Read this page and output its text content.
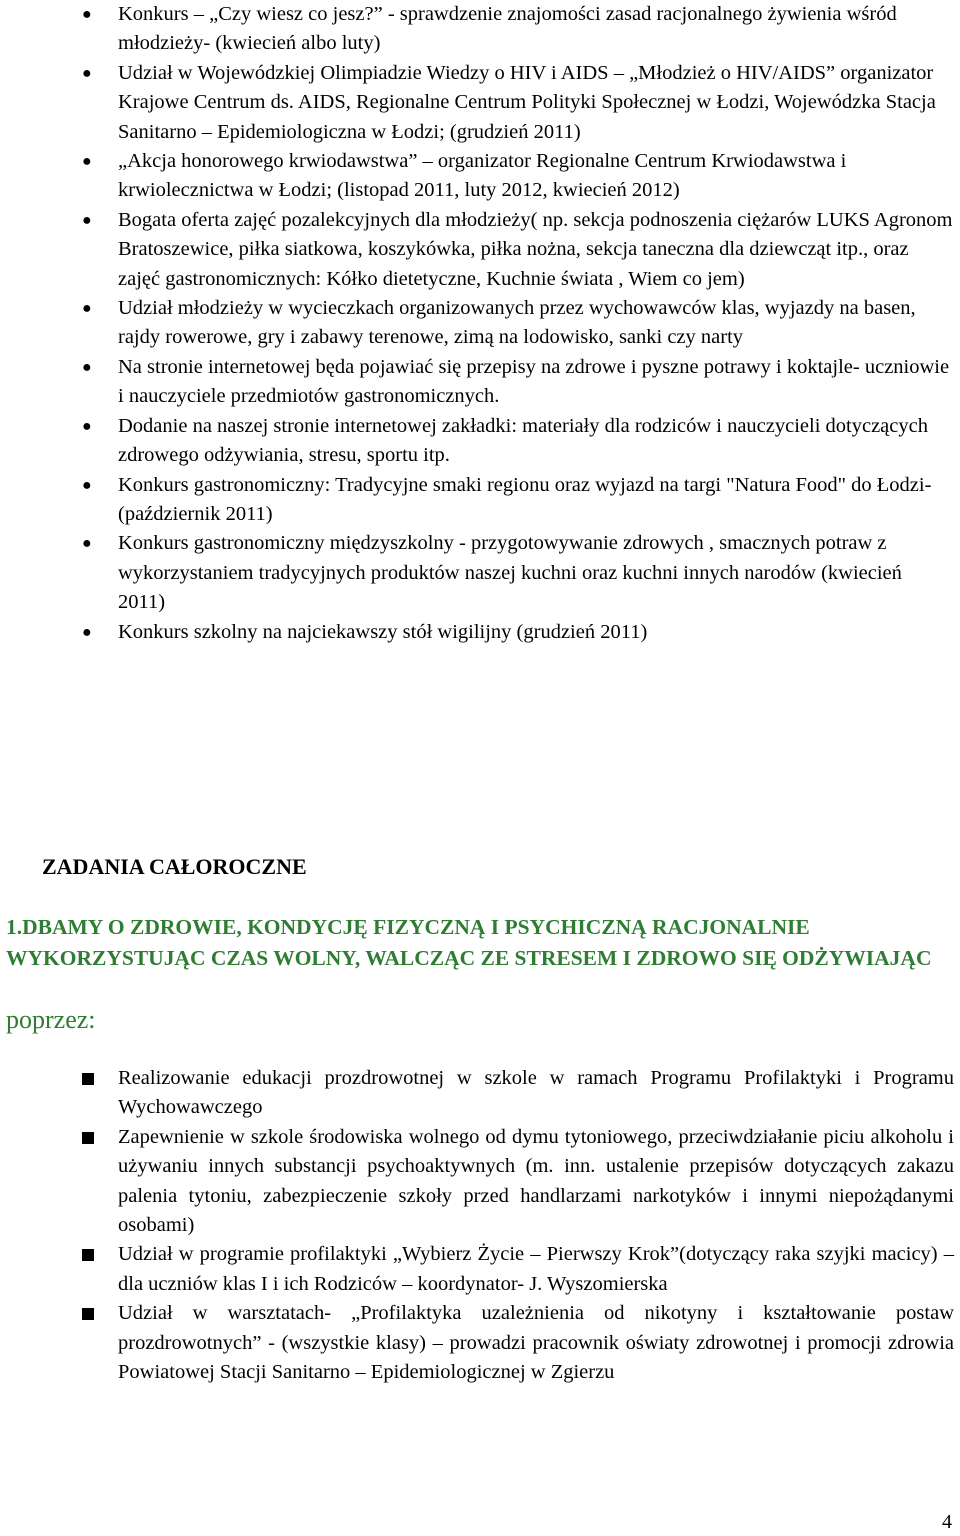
● Konkurs – „Czy wiesz co jesz?” - sprawdzenie znajomości zasad racjonalnego żywienia wśród młodzieży- (kwiecień albo luty)
● Udział w Wojewódzkiej Olimpiadzie Wiedzy o HIV i AIDS – „Młodzież o HIV/AIDS” organizator Krajowe Centrum ds. AIDS, Regionalne Centrum Polityki Społecznej w Łodzi, Wojewódzka Stacja Sanitarno – Epidemiologiczna w Łodzi; (grudzień 2011)
● „Akcja honorowego krwiodawstwa” – organizator Regionalne Centrum Krwiodawstwa i krwiolecznictwa w Łodzi; (listopad 2011, luty 2012, kwiecień 2012)
● Bogata oferta zajęć pozalekcyjnych dla młodzieży( np. sekcja podnoszenia ciężarów LUKS Agronom Bratoszewice, piłka siatkowa, koszykówka, piłka nożna, sekcja taneczna dla dziewcząt itp., oraz zajęć gastronomicznych: Kółko dietetyczne, Kuchnie świata , Wiem co jem)
● Udział młodzieży w wycieczkach organizowanych przez wychowawców klas, wyjazdy na basen, rajdy rowerowe, gry i zabawy terenowe, zimą na lodowisko, sanki czy narty
● Na stronie internetowej będa pojawiać się przepisy na zdrowe i pyszne potrawy i koktajle- uczniowie i nauczyciele przedmiotów gastronomicznych.
● Dodanie na naszej stronie internetowej zakładki: materiały dla rodziców i nauczycieli dotyczących zdrowego odżywiania, stresu, sportu itp.
● Konkurs gastronomiczny: Tradycyjne smaki regionu oraz wyjazd na targi "Natura Food" do Łodzi- (październik 2011)
● Konkurs gastronomiczny międzyszkolny - przygotowywanie zdrowych , smacznych potraw z wykorzystaniem tradycyjnych produktów naszej kuchni oraz kuchni innych narodów (kwiecień 2011)
● Konkurs szkolny na najciekawszy stół wigilijny (grudzień 2011)
ZADANIA CAŁOROCZNE
1.DBAMY O ZDROWIE, KONDYCJĘ FIZYCZNĄ I PSYCHICZNĄ RACJONALNIE WYKORZYSTUJĄC CZAS WOLNY, WALCZĄC ZE STRESEM I ZDROWO SIĘ ODŻYWIAJĄC

poprzez:

Realizowanie edukacji prozdrowotnej w szkole w ramach Programu Profilaktyki i Programu Wychowawczego
Zapewnienie w szkole środowiska wolnego od dymu tytoniowego, przeciwdziałanie piciu alkoholu i używaniu innych substancji psychoaktywnych (m. inn. ustalenie przepisów dotyczących zakazu palenia tytoniu, zabezpieczenie szkoły przed handlarzami narkotyków i innymi niepożądanymi osobami)
Udział w programie profilaktyki „Wybierz Życie – Pierwszy Krok”(dotyczący raka szyjki macicy) – dla uczniów klas I i ich Rodziców – koordynator- J. Wyszomierska
Udział w warsztatach- „Profilaktyka uzależnienia od nikotyny i kształtowanie postaw prozdrowotnych” - (wszystkie klasy) – prowadzi pracownik oświaty zdrowotnej i promocji zdrowia Powiatowej Stacji Sanitarno – Epidemiologicznej w Zgierzu
4
